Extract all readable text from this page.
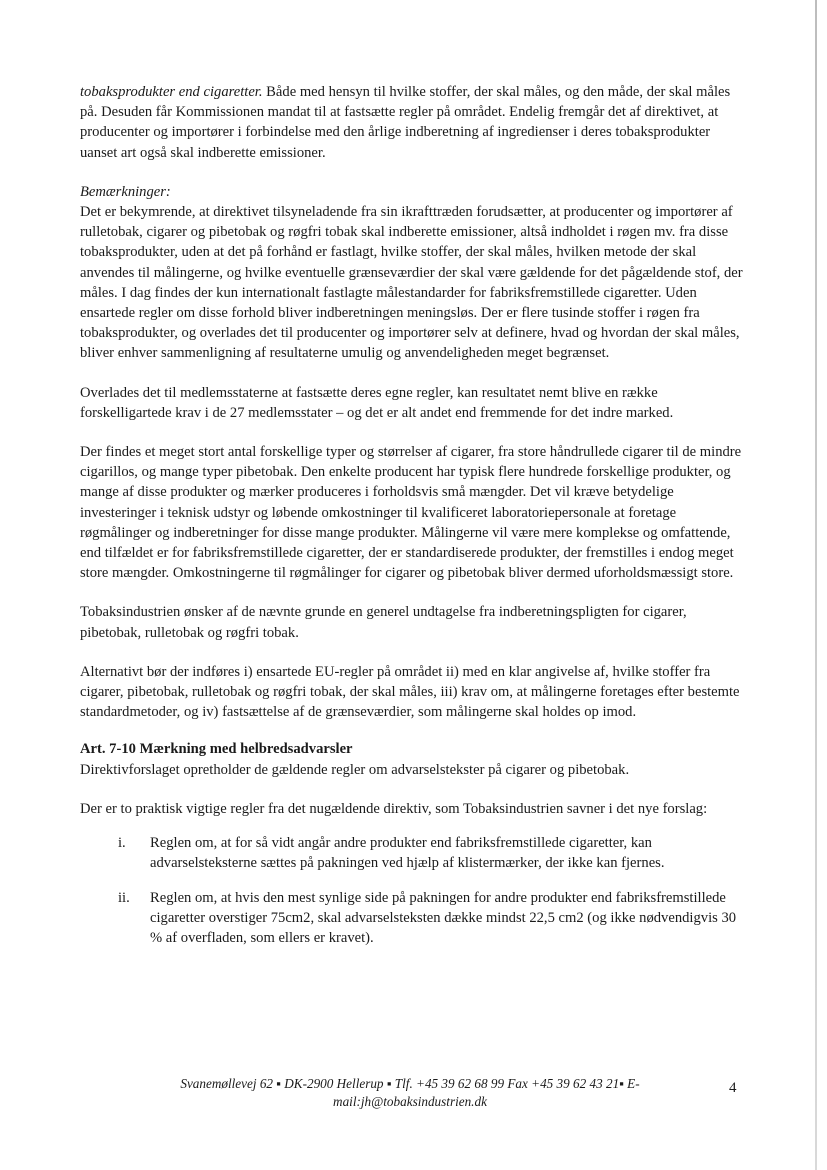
tobaksprodukter end cigaretter. Både med hensyn til hvilke stoffer, der skal måles, og den måde, der skal måles på. Desuden får Kommissionen mandat til at fastsætte regler på området. Endelig fremgår det af direktivet, at producenter og importører i forbindelse med den årlige indberetning af ingredienser i deres tobaksprodukter uanset art også skal indberette emissioner.

Bemærkninger:
Det er bekymrende, at direktivet tilsyneladende fra sin ikrafttræden forudsætter, at producenter og importører af rulletobak, cigarer og pibetobak og røgfri tobak skal indberette emissioner, altså indholdet i røgen mv. fra disse tobaksprodukter, uden at det på forhånd er fastlagt, hvilke stoffer, der skal måles, hvilken metode der skal anvendes til målingerne, og hvilke eventuelle grænseværdier der skal være gældende for det pågældende stof, der måles. I dag findes der kun internationalt fastlagte målestandarder for fabriksfremstillede cigaretter. Uden ensartede regler om disse forhold bliver indberetningen meningsløs. Der er flere tusinde stoffer i røgen fra tobaksprodukter, og overlades det til producenter og importører selv at definere, hvad og hvordan der skal måles, bliver enhver sammenligning af resultaterne umulig og anvendeligheden meget begrænset.

Overlades det til medlemsstaterne at fastsætte deres egne regler, kan resultatet nemt blive en række forskelligartede krav i de 27 medlemsstater – og det er alt andet end fremmende for det indre marked.

Der findes et meget stort antal forskellige typer og størrelser af cigarer, fra store håndrullede cigarer til de mindre cigarillos, og mange typer pibetobak. Den enkelte producent har typisk flere hundrede forskellige produkter, og mange af disse produkter og mærker produceres i forholdsvis små mængder. Det vil kræve betydelige investeringer i teknisk udstyr og løbende omkostninger til kvalificeret laboratoriepersonale at foretage røgmålinger og indberetninger for disse mange produkter. Målingerne vil være mere komplekse og omfattende, end tilfældet er for fabriksfremstillede cigaretter, der er standardiserede produkter, der fremstilles i endog meget store mængder. Omkostningerne til røgmålinger for cigarer og pibetobak bliver dermed uforholdsmæssigt store.

Tobaksindustrien ønsker af de nævnte grunde en generel undtagelse fra indberetningspligten for cigarer, pibetobak, rulletobak og røgfri tobak.

Alternativt bør der indføres i) ensartede EU-regler på området ii) med en klar angivelse af, hvilke stoffer fra cigarer, pibetobak, rulletobak og røgfri tobak, der skal måles, iii) krav om, at målingerne foretages efter bestemte standardmetoder, og iv) fastsættelse af de grænseværdier, som målingerne skal holdes op imod.

Art. 7-10 Mærkning med helbredsadvarsler

Direktivforslaget opretholder de gældende regler om advarselstekster på cigarer og pibetobak.

Der er to praktisk vigtige regler fra det nugældende direktiv, som Tobaksindustrien savner i det nye forslag:

i.	Reglen om, at for så vidt angår andre produkter end fabriksfremstillede cigaretter, kan advarselsteksterne sættes på pakningen ved hjælp af klistermærker, der ikke kan fjernes.
ii.	Reglen om, at hvis den mest synlige side på pakningen for andre produkter end fabriksfremstillede cigaretter overstiger 75cm2, skal advarselsteksten dække mindst 22,5 cm2 (og ikke nødvendigvis 30 % af overfladen, som ellers er kravet).
Svanemøllevej 62 ▪ DK-2900 Hellerup ▪ Tlf. +45 39 62 68 99 Fax +45 39 62 43 21▪ E-mail:jh@tobaksindustrien.dk
4
